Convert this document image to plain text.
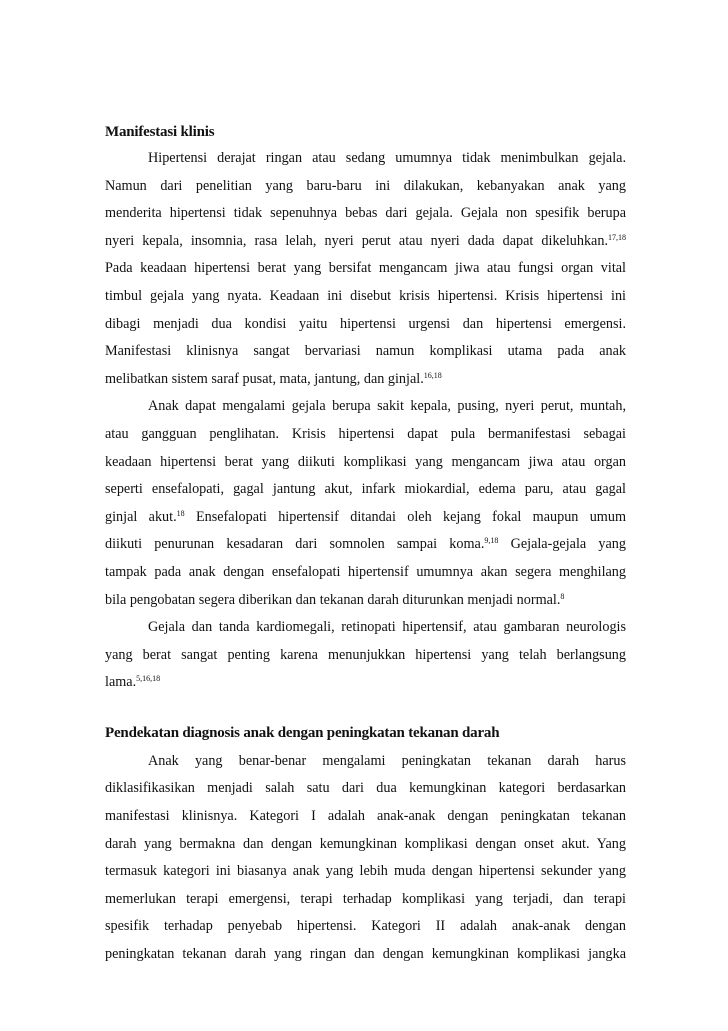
Manifestasi klinis
Hipertensi derajat ringan atau sedang umumnya tidak menimbulkan gejala.
Namun dari penelitian yang baru-baru ini dilakukan, kebanyakan anak yang
menderita hipertensi tidak sepenuhnya bebas dari gejala. Gejala non spesifik berupa
nyeri kepala, insomnia, rasa lelah, nyeri perut atau nyeri dada dapat dikeluhkan.$^{17,18}$
Pada keadaan hipertensi berat yang bersifat mengancam jiwa atau fungsi organ vital
timbul gejala yang nyata. Keadaan ini disebut krisis hipertensi. Krisis hipertensi ini
dibagi menjadi dua kondisi yaitu hipertensi urgensi dan hipertensi emergensi.
Manifestasi klinisnya sangat bervariasi namun komplikasi utama pada anak
melibatkan sistem saraf pusat, mata, jantung, dan ginjal.$^{16,18}$
Anak dapat mengalami gejala berupa sakit kepala, pusing, nyeri perut, muntah,
atau gangguan penglihatan. Krisis hipertensi dapat pula bermanifestasi sebagai
keadaan hipertensi berat yang diikuti komplikasi yang mengancam jiwa atau organ
seperti ensefalopati, gagal jantung akut, infark miokardial, edema paru, atau gagal
ginjal akut.$^{18}$ Ensefalopati hipertensif ditandai oleh kejang fokal maupun umum
diikuti penurunan kesadaran dari somnolen sampai koma.$^{9,18}$ Gejala-gejala yang
tampak pada anak dengan ensefalopati hipertensif umumnya akan segera menghilang
bila pengobatan segera diberikan dan tekanan darah diturunkan menjadi normal.$^8$
Gejala dan tanda kardiomegali, retinopati hipertensif, atau gambaran neurologis
yang berat sangat penting karena menunjukkan hipertensi yang telah berlangsung
lama.$^{5,16,18}$
Pendekatan diagnosis anak dengan peningkatan tekanan darah
Anak yang benar-benar mengalami peningkatan tekanan darah harus
diklasifikasikan menjadi salah satu dari dua kemungkinan kategori berdasarkan
manifestasi klinisnya. Kategori I adalah anak-anak dengan peningkatan tekanan
darah yang bermakna dan dengan kemungkinan komplikasi dengan onset akut. Yang
termasuk kategori ini biasanya anak yang lebih muda dengan hipertensi sekunder yang
memerlukan terapi emergensi, terapi terhadap komplikasi yang terjadi, dan terapi
spesifik terhadap penyebab hipertensi. Kategori II adalah anak-anak dengan
peningkatan tekanan darah yang ringan dan dengan kemungkinan komplikasi jangka
